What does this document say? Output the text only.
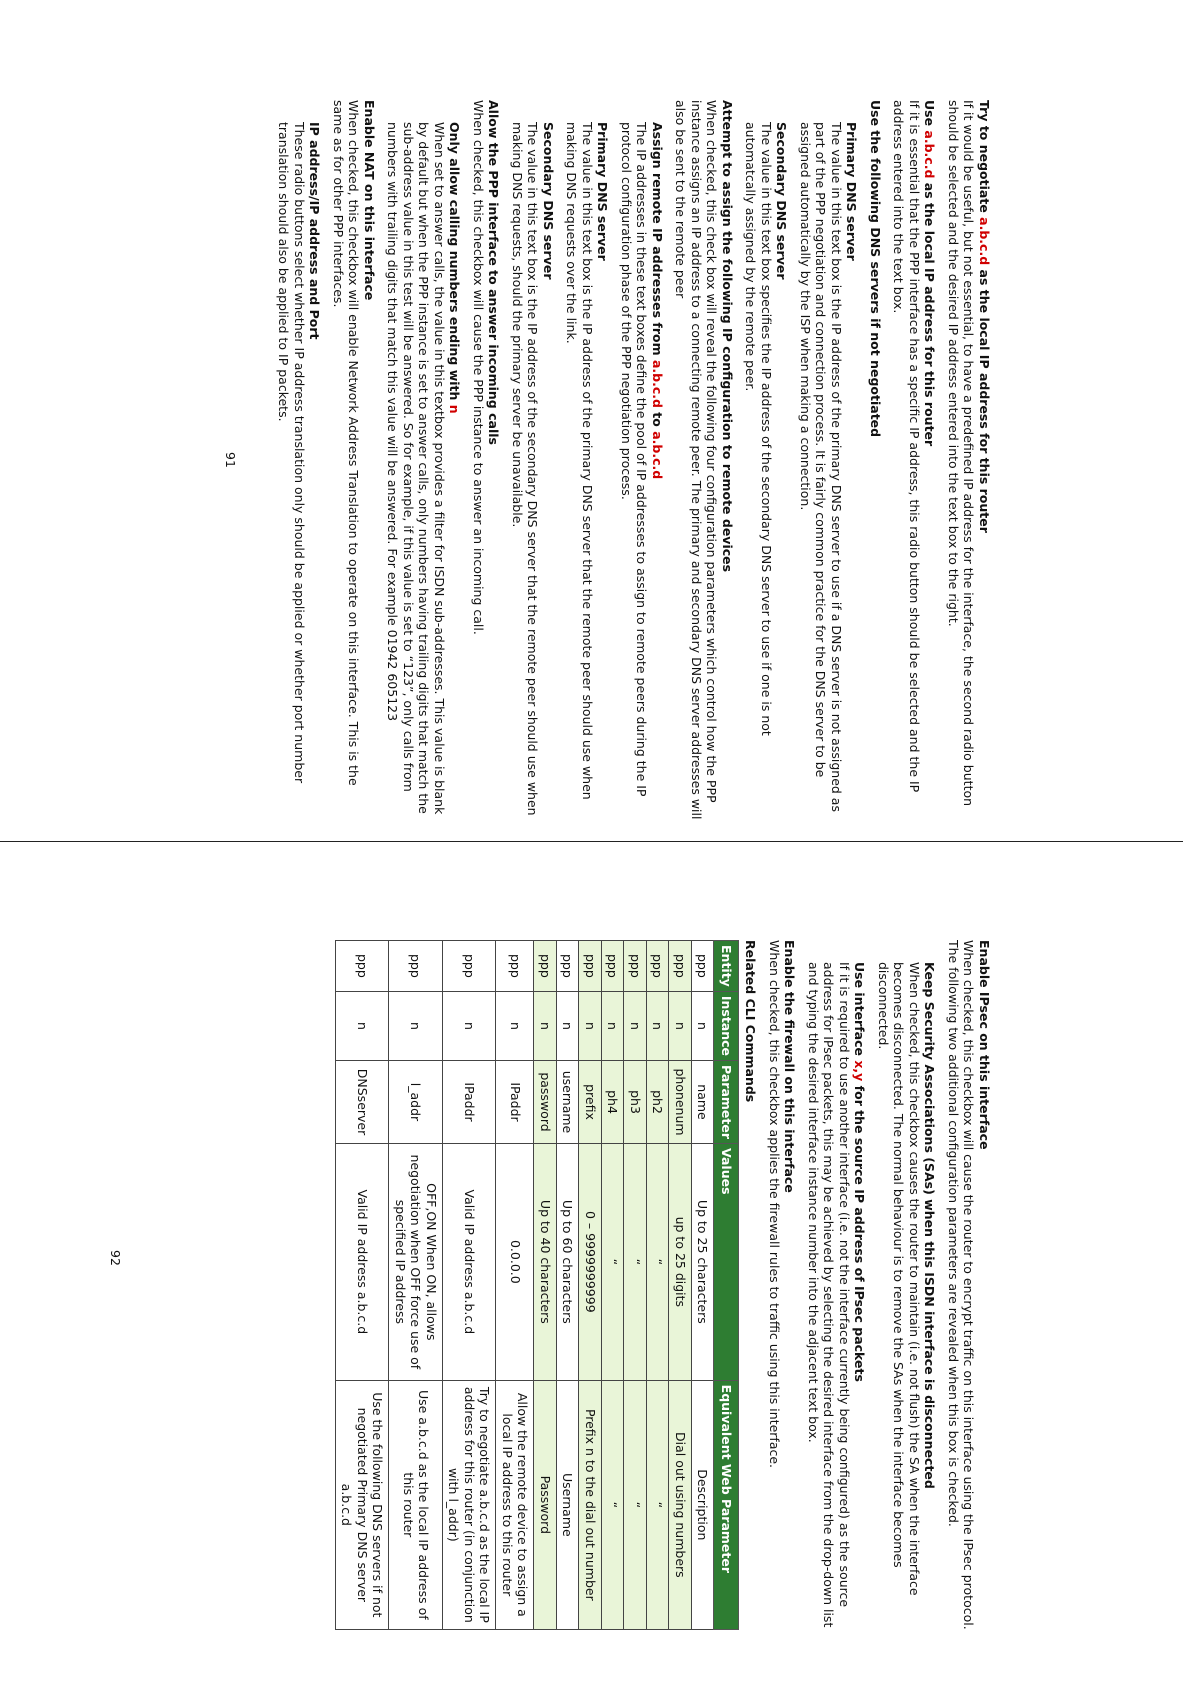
Try to negotiate a.b.c.d as the local IP address for this router

If it would be useful, but not essential, to have a predefined IP address for the interface, the second radio button should be selected and the desired IP address entered into the text box to the right.

Use a.b.c.d as the local IP address for this router

If it is essential that the PPP interface has a specific IP address, this radio button should be selected and the IP address entered into the text box.

Use the following DNS servers if not negotiated
Primary DNS server

The value in this text box is the IP address of the primary DNS server to use if a DNS server is not assigned as part of the PPP negotiation and connection process. It is fairly common practice for the DNS server to be assigned automatically by the ISP when making a connection.

Secondary DNS server

The value in this text box specifies the IP address of the secondary DNS server to use if one is not automatcally assigned by the remote peer.

Attempt to assign the following IP configuration to remote devices

When checked, this check box will reveal the following four configuration parameters which control how the PPP instance assigns an IP address to a connecting remote peer. The primary and secondary DNS server addresses will also be sent to the remote peer

Assign remote IP addresses from a.b.c.d to a.b.c.d

The IP addresses in these text boxes define the pool of IP addresses to assign to remote peers during the IP protocol configuration phase of the PPP negotiation process.

Primary DNS server

The value in this text box is the IP address of the primary DNS server that the remote peer should use when making DNS requests over the link.

Secondary DNS server

The value in this text box is the IP address of the secondary DNS server that the remote peer should use when making DNS requests, should the primary server be unavailable.

Allow the PPP interface to answer incoming calls

When checked, this checkbox will cause the PPP instance to answer an incoming call.

Only allow calling numbers ending with n

When set to answer calls, the value in this textbox provides a filter for ISDN sub-addresses. This value is blank by default but when the PPP instance is set to answer calls, only numbers having trailing digits that match the sub-address value in this test will be answered. So for example, if this value is set to “123”, only calls from numbers with trailing digits that match this value will be answered. For example 01942 605123

Enable NAT on this interface

When checked, this checkbox will enable Network Address Translation to operate on this interface. This is the same as for other PPP interfaces.

IP address/IP address and Port

These radio buttons select whether IP address translation only should be applied or whether port number translation should also be applied to IP packets.

91
Enable IPsec on this interface

When checked, this checkbox will cause the router to encrypt traffic on this interface using the IPsec protocol. The following two additional configuration parameters are revealed when this box is checked.

Keep Security Associations (SAs) when this ISDN interface is disconnected

When checked, this checkbox causes the router to maintain (i.e. not flush) the SA when the interface becomes disconnected. The normal behaviour is to remove the SAs when the interface becomes disconnected.

Use interface x,y for the source IP address of IPsec packets

If it is required to use another interface (i.e. not the interface currently being configured) as the source address for IPsec packets, this may be achieved by selecting the desired interface from the drop-down list and typing the desired interface instance number into the adjacent text box.

Enable the firewall on this interface

When checked, this checkbox applies the firewall rules to traffic using this interface.

Related CLI Commands
Entity	Instance	Parameter	Values	Equivalent Web Parameter
ppp	n	name	Up to 25 characters	Description
ppp	n	phonenum	up to 25 digits	Dial out using numbers
ppp	n	ph2	“	“
ppp	n	ph3	“	“
ppp	n	ph4	“	“
ppp	n	prefix	0 – 9999999999	Prefix n to the dial out number
ppp	n	username	Up to 60 characters	Username
ppp	n	password	Up to 40 characters	Password
ppp	n	IPaddr	0.0.0.0	Allow the remote device to assign a local IP address to this router
ppp	n	IPaddr	Valid IP address a.b.c.d	Try to negotiate a.b.c.d as the local IP address for this router (in conjunction with l_addr)
ppp	n	l_addr	OFF,ON When ON, allows negotiation when OFF force use of specified IP address	Use a.b.c.d as the local IP address of this router
ppp	n	DNSserver	Valid IP address a.b.c.d	Use the following DNS servers if not negotiated Primary DNS server a.b.c.d
92
